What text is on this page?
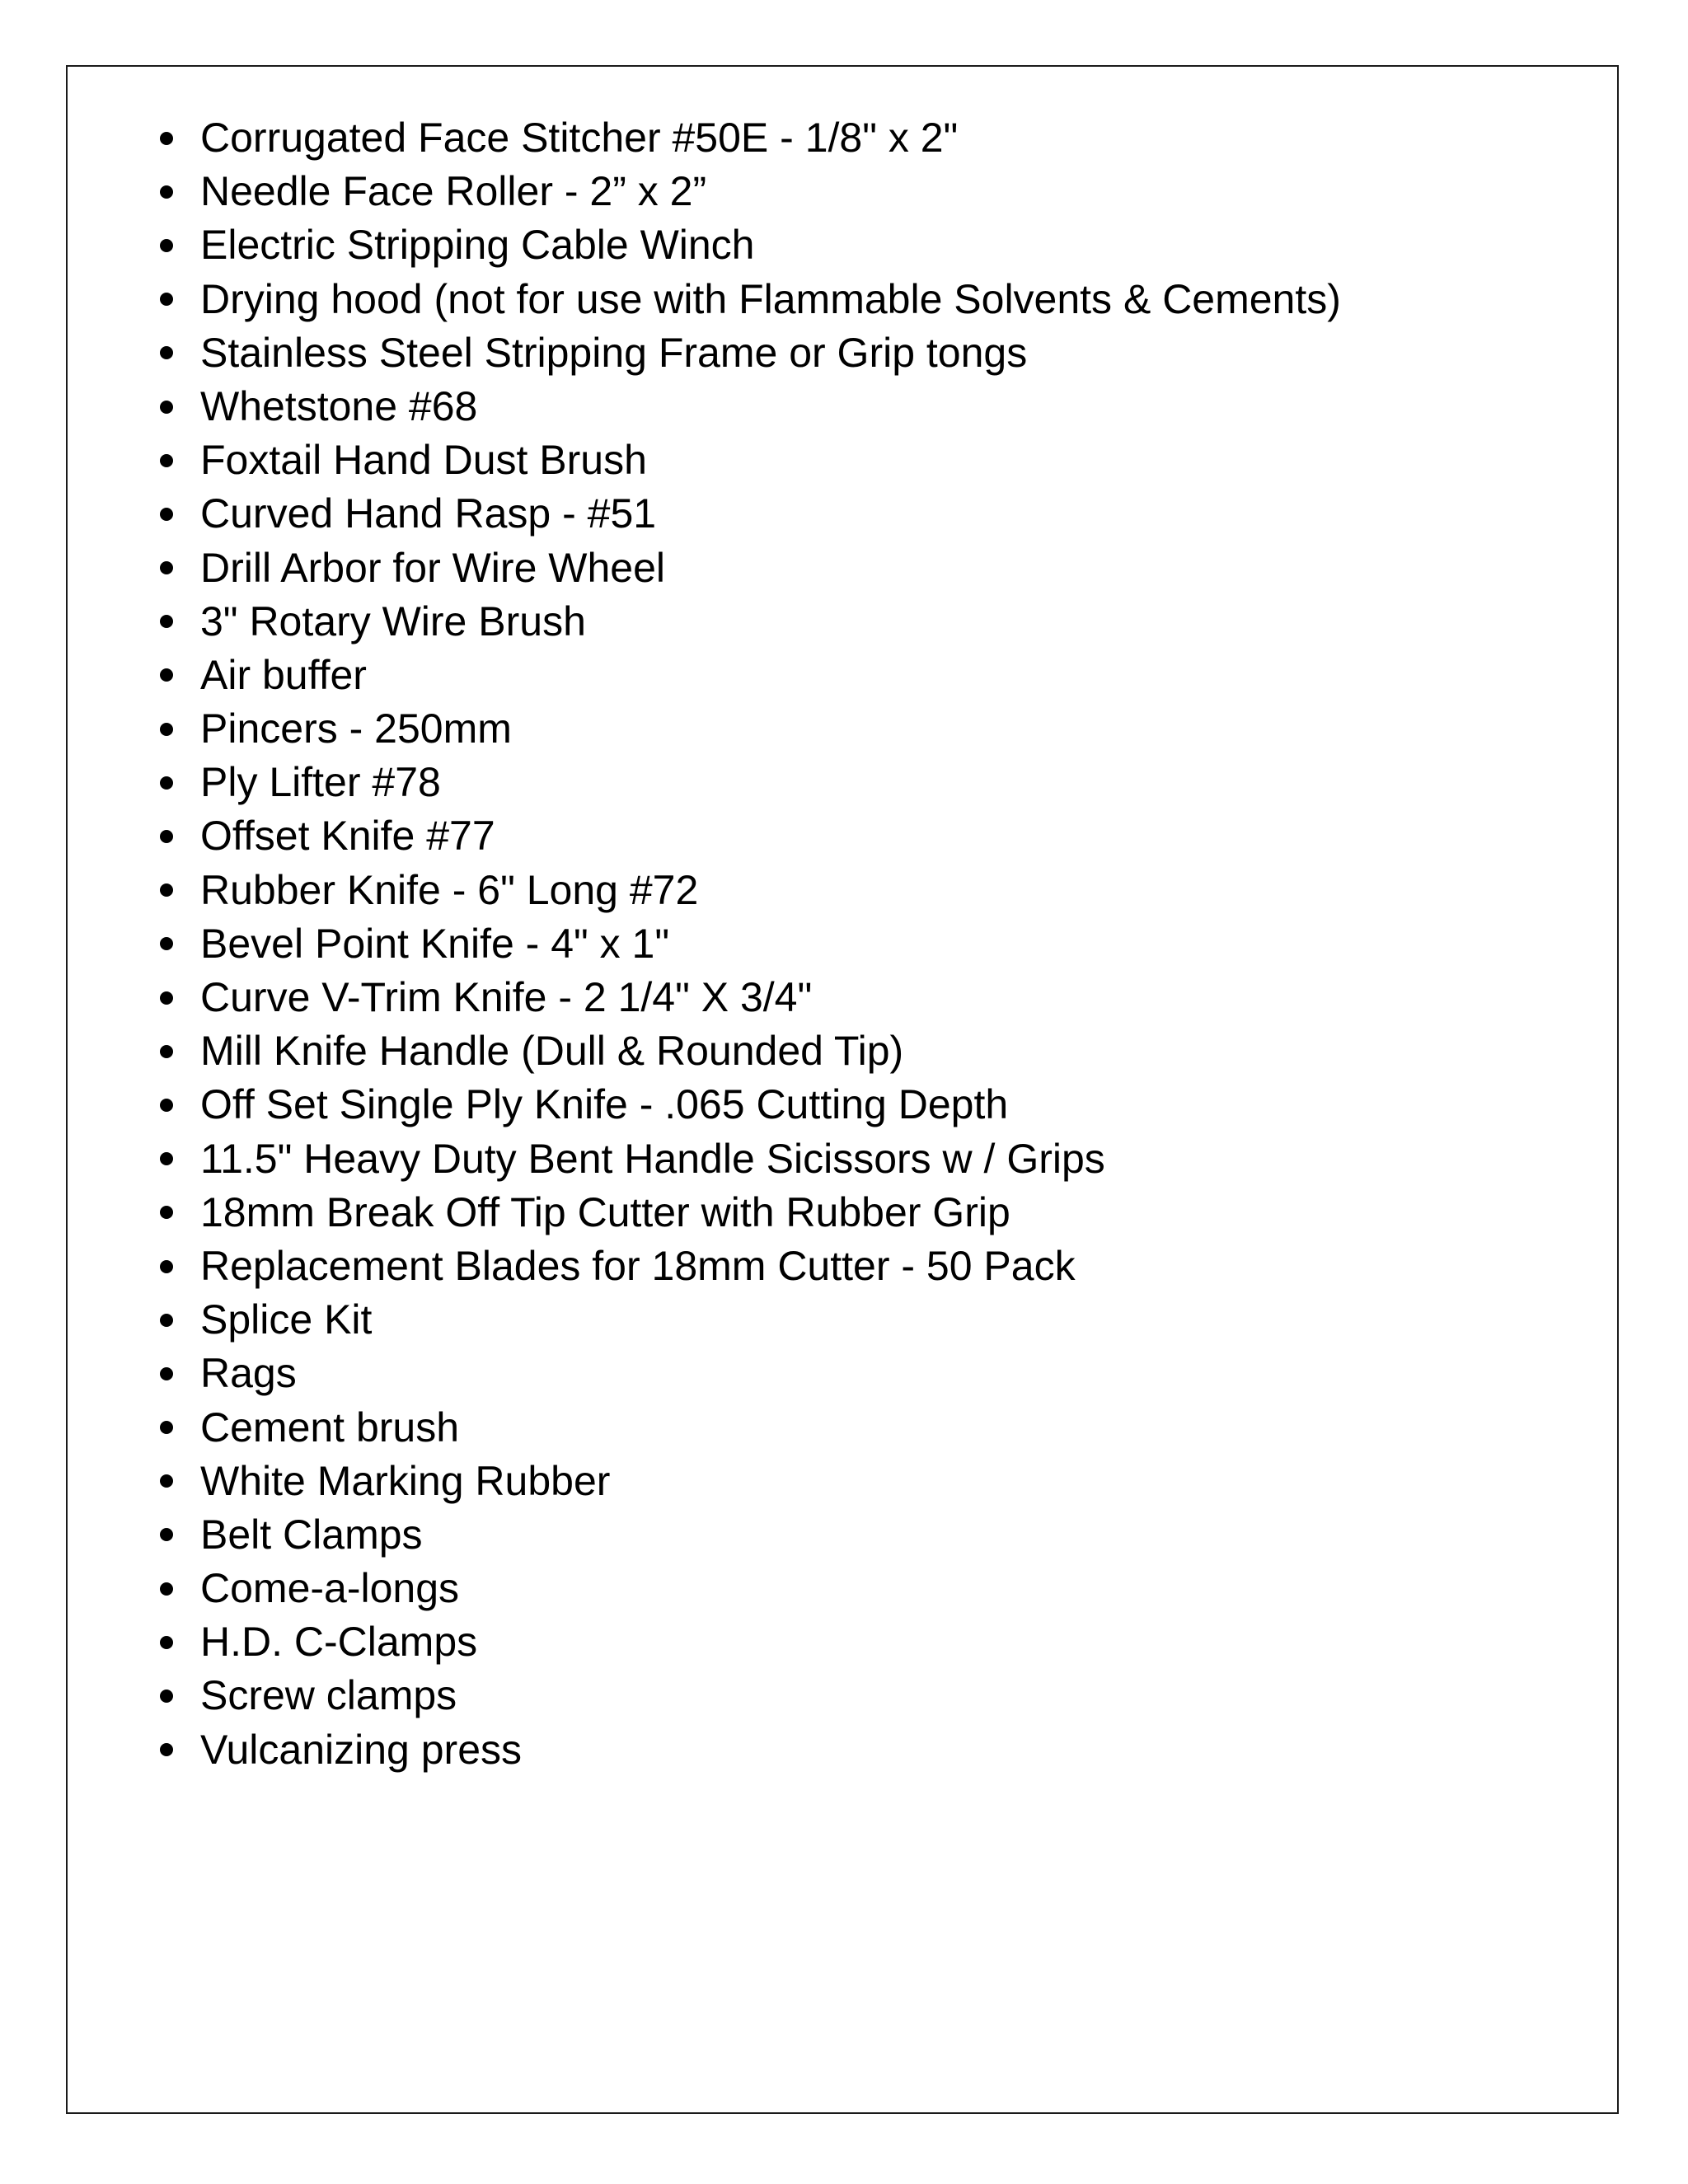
Corrugated Face Stitcher #50E - 1/8" x 2"
Needle Face Roller - 2” x 2”
Electric Stripping Cable Winch
Drying hood (not for use with Flammable Solvents & Cements)
Stainless Steel Stripping Frame or Grip tongs
Whetstone #68
Foxtail Hand Dust Brush
Curved Hand Rasp - #51
Drill Arbor for Wire Wheel
3" Rotary Wire Brush
Air buffer
Pincers - 250mm
Ply Lifter #78
Offset Knife #77
Rubber Knife - 6" Long #72
Bevel Point Knife - 4" x 1"
Curve V-Trim Knife - 2 1/4" X 3/4"
Mill Knife Handle (Dull & Rounded Tip)
Off Set Single Ply Knife - .065 Cutting Depth
11.5" Heavy Duty Bent Handle Sicissors w / Grips
18mm Break Off Tip Cutter with Rubber Grip
Replacement Blades for 18mm Cutter - 50 Pack
Splice Kit
Rags
Cement brush
White Marking Rubber
Belt Clamps
Come-a-longs
H.D. C-Clamps
Screw clamps
Vulcanizing press
